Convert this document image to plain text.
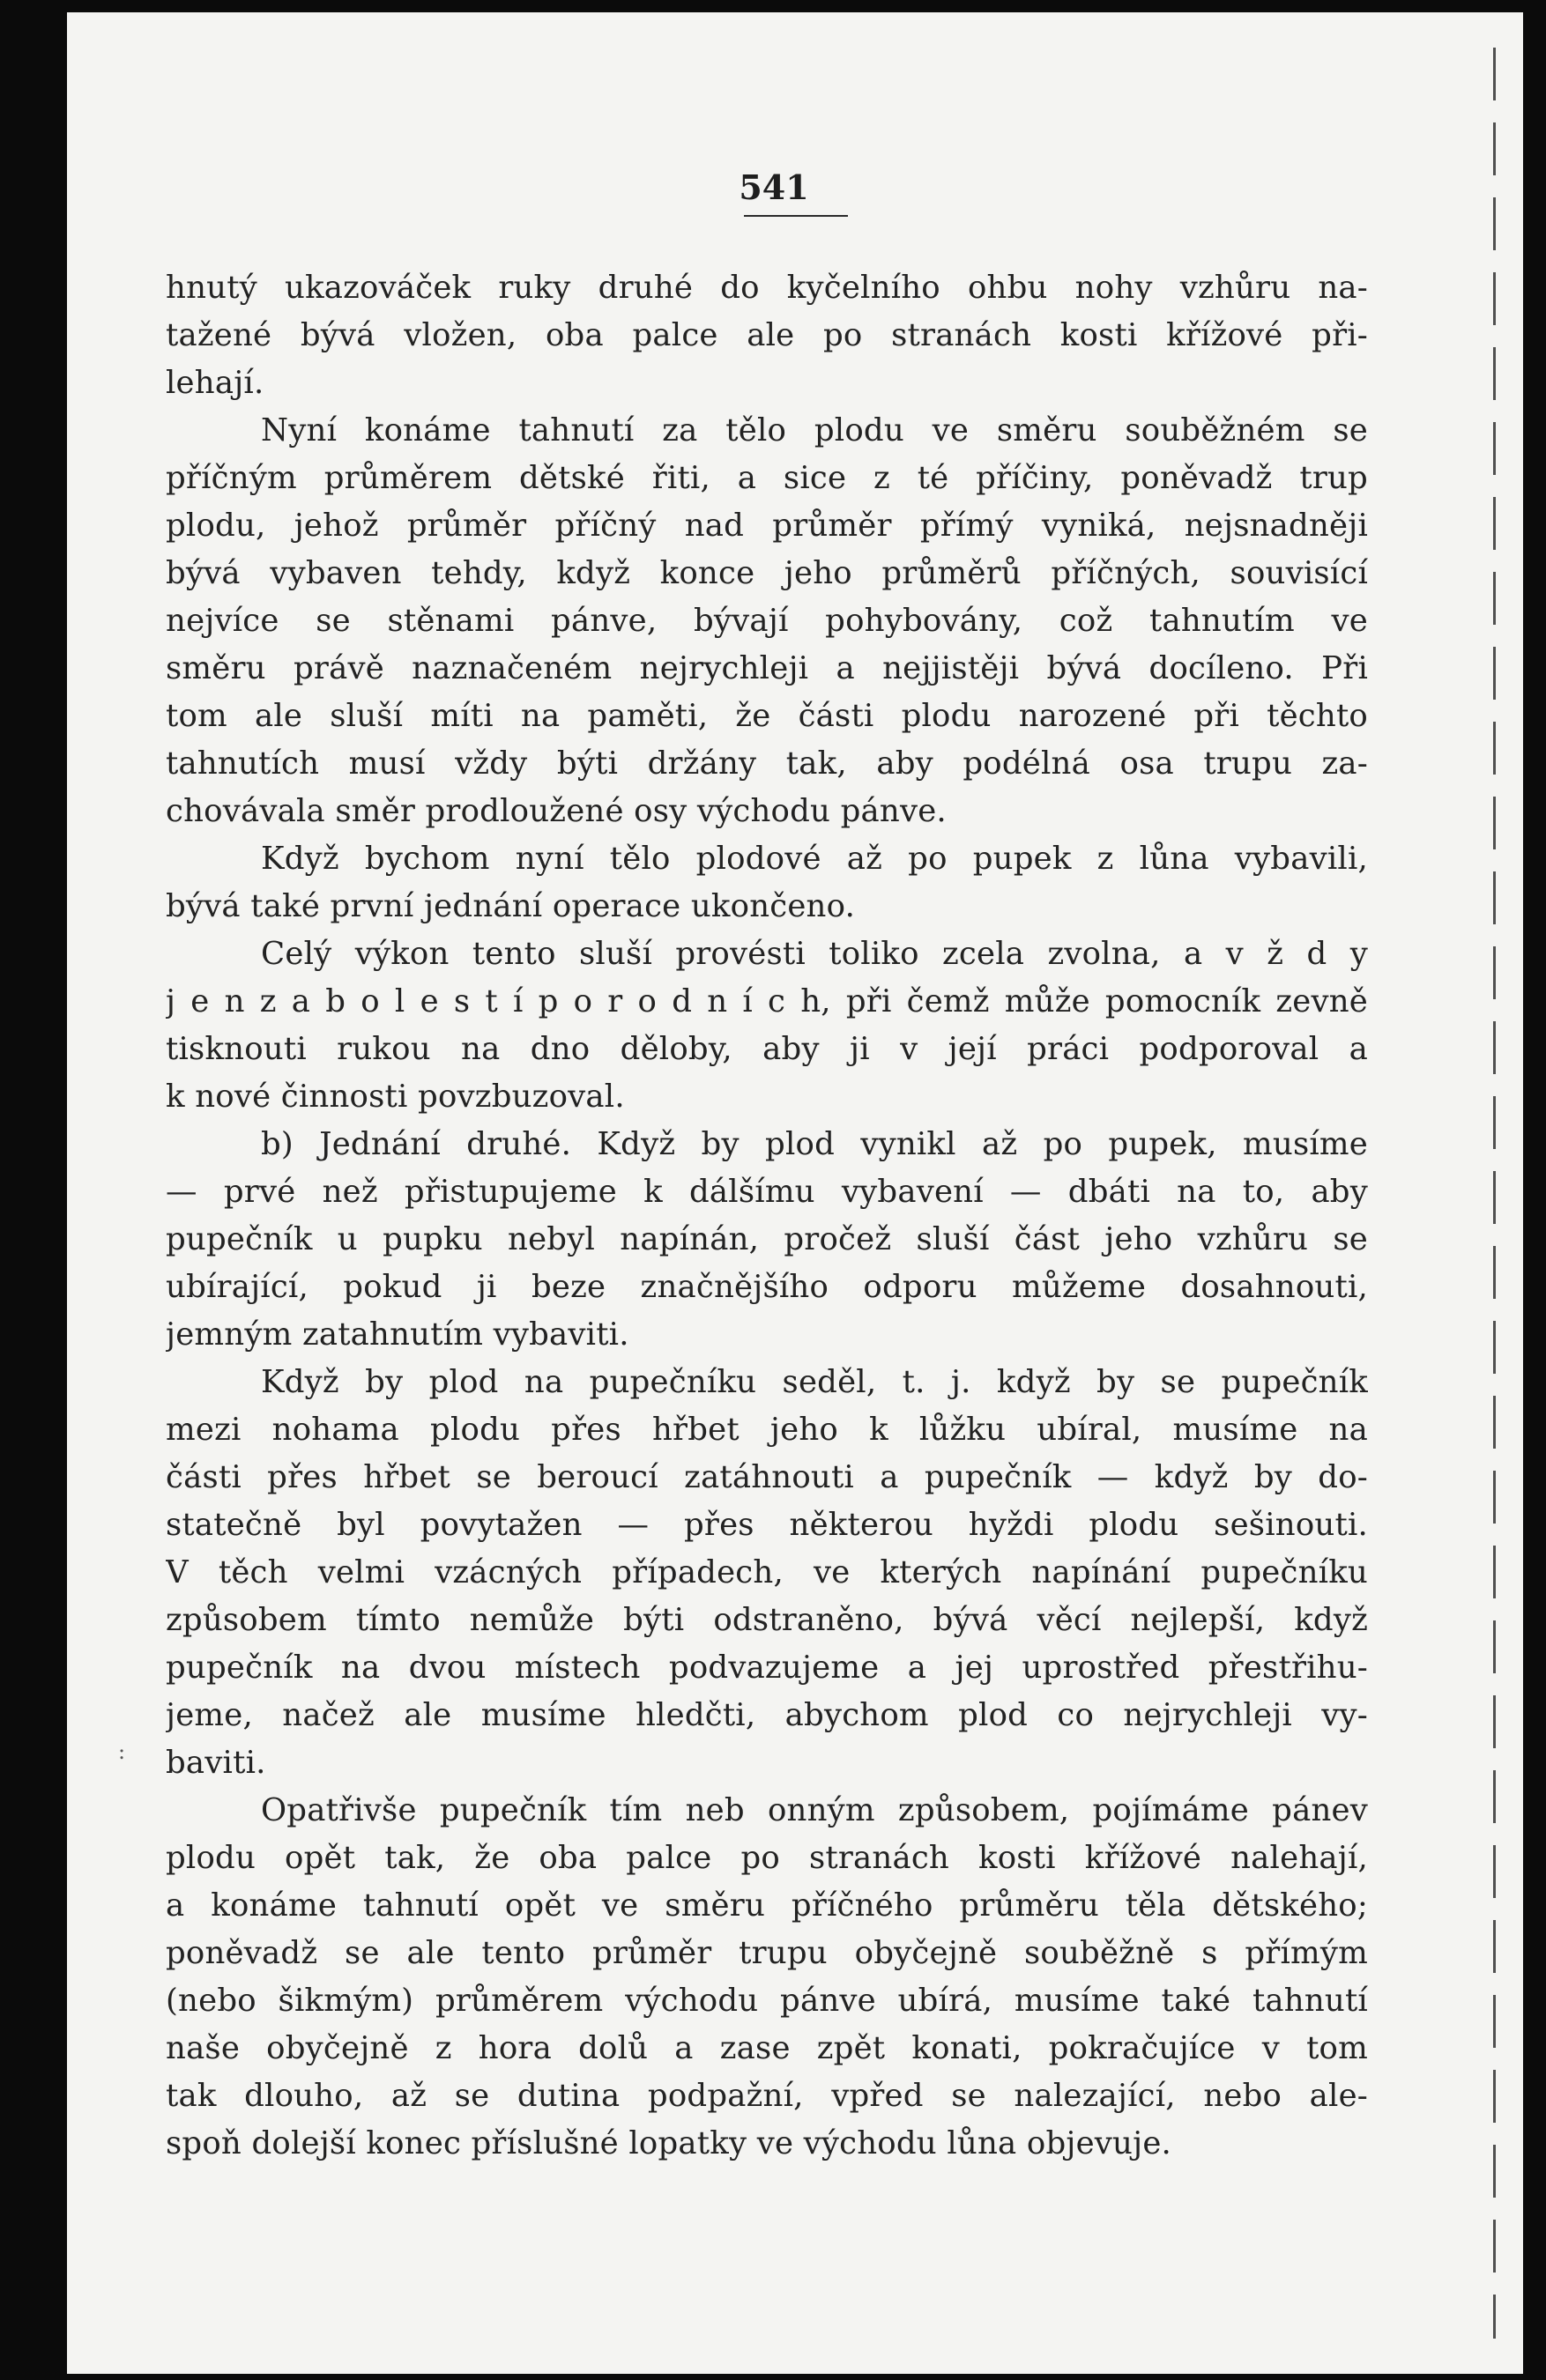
:
541
hnutý ukazováček ruky druhé do kyčelního ohbu nohy vzhůru na-
tažené bývá vložen, oba palce ale po stranách kosti křížové při-
lehají.
Nyní konáme tahnutí za tělo plodu ve směru souběžném se
příčným průměrem dětské řiti, a sice z té příčiny, poněvadž trup
plodu, jehož průměr příčný nad průměr přímý vyniká, nejsnadněji
bývá vybaven tehdy, když konce jeho průměrů příčných, souvisící
nejvíce se stěnami pánve, bývají pohybovány, což tahnutím ve
směru právě naznačeném nejrychleji a nejjistěji bývá docíleno. Při
tom ale sluší míti na paměti, že části plodu narozené při těchto
tahnutích musí vždy býti držány tak, aby podélná osa trupu za-
chovávala směr prodloužené osy východu pánve.
Když bychom nyní tělo plodové až po pupek z lůna vybavili,
bývá také první jednání operace ukončeno.
Celý výkon tento sluší provésti toliko zcela zvolna, a v ž d y
j e n z a b o l e s t í p o r o d n í c h, při čemž může pomocník zevně
tisknouti rukou na dno děloby, aby ji v její práci podporoval a
k nové činnosti povzbuzoval.
b) Jednání druhé. Když by plod vynikl až po pupek, musíme
— prvé než přistupujeme k dálšímu vybavení — dbáti na to, aby
pupečník u pupku nebyl napínán, pročež sluší část jeho vzhůru se
ubírající, pokud ji beze značnějšího odporu můžeme dosahnouti,
jemným zatahnutím vybaviti.
Když by plod na pupečníku seděl, t. j. když by se pupečník
mezi nohama plodu přes hřbet jeho k lůžku ubíral, musíme na
části přes hřbet se beroucí zatáhnouti a pupečník — když by do-
statečně byl povytažen — přes některou hyždi plodu sešinouti.
V těch velmi vzácných případech, ve kterých napínání pupečníku
způsobem tímto nemůže býti odstraněno, bývá věcí nejlepší, když
pupečník na dvou místech podvazujeme a jej uprostřed přestřihu-
jeme, načež ale musíme hledčti, abychom plod co nejrychleji vy-
baviti.
Opatřivše pupečník tím neb onným způsobem, pojímáme pánev
plodu opět tak, že oba palce po stranách kosti křížové nalehají,
a konáme tahnutí opět ve směru příčného průměru těla dětského;
poněvadž se ale tento průměr trupu obyčejně souběžně s přímým
(nebo šikmým) průměrem východu pánve ubírá, musíme také tahnutí
naše obyčejně z hora dolů a zase zpět konati, pokračujíce v tom
tak dlouho, až se dutina podpažní, vpřed se nalezající, nebo ale-
spoň dolejší konec příslušné lopatky ve východu lůna objevuje.
